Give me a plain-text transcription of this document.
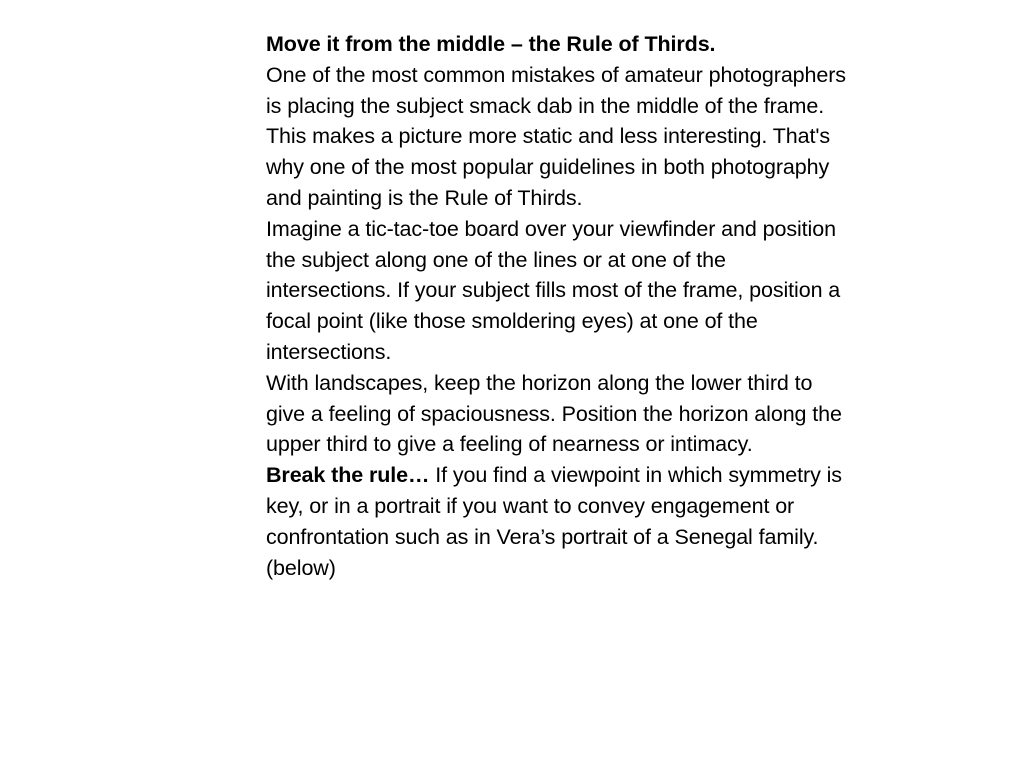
Move it from the middle – the Rule of Thirds.

One of the most common mistakes of amateur photographers is placing the subject smack dab in the middle of the frame. This makes a picture more static and less interesting. That's why one of the most popular guidelines in both photography and painting is the Rule of Thirds.

Imagine a tic-tac-toe board over your viewfinder and position the subject along one of the lines or at one of the intersections. If your subject fills most of the frame, position a focal point (like those smoldering eyes) at one of the intersections.

With landscapes, keep the horizon along the lower third to give a feeling of spaciousness. Position the horizon along the upper third to give a feeling of nearness or intimacy.

Break the rule… If you find a viewpoint in which symmetry is key, or in a portrait if you want to convey engagement or confrontation such as in Vera’s portrait of a Senegal family. (below)
